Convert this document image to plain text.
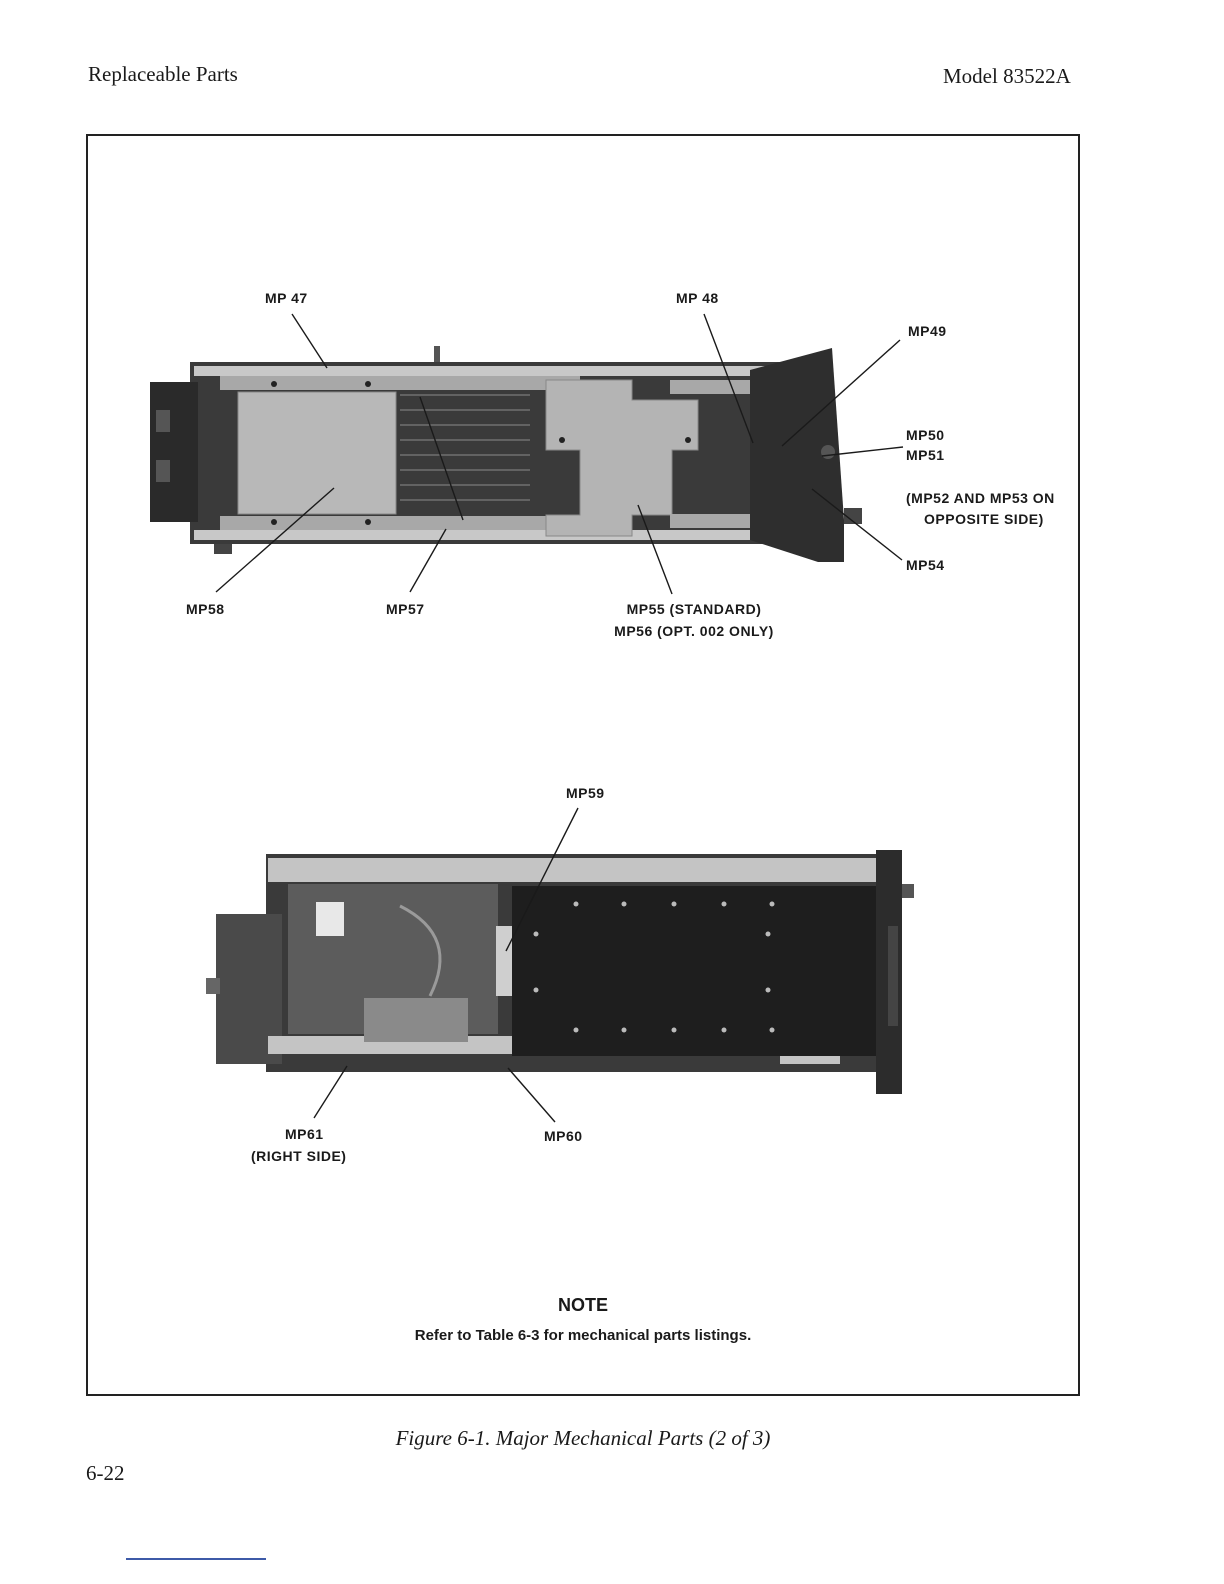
Replaceable Parts	Model 83522A
MP 47	MP 48
MP49
MP50
MP51
(MP52 AND MP53 ON
OPPOSITE SIDE)
MP54
MP58	MP57	MP55 (STANDARD)
MP56 (OPT. 002 ONLY)
MP59
MP61
(RIGHT SIDE)
MP60
NOTE
Refer to Table 6-3 for mechanical parts listings.
Figure 6-1. Major Mechanical Parts (2 of 3)
6-22
